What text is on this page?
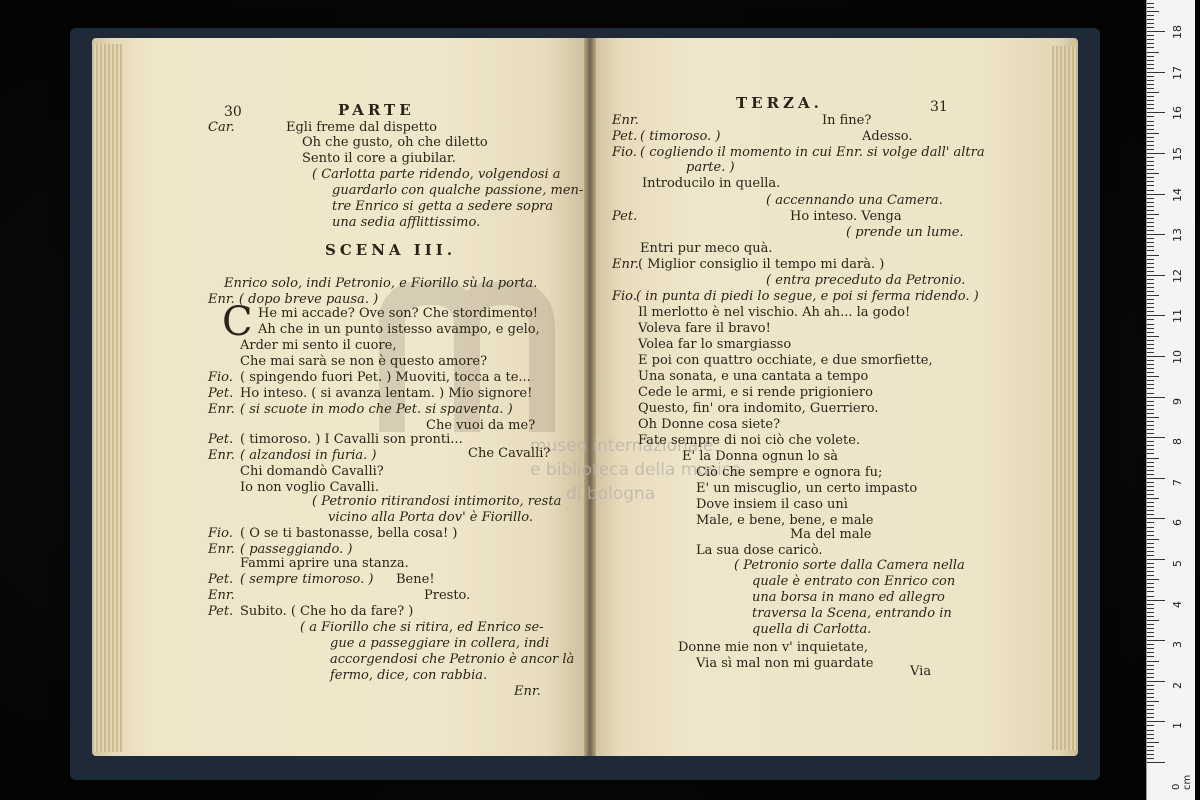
museo internazionale
e biblioteca della musica
di bologna
30	PARTE
Car.	Egli freme dal dispetto
Oh che gusto, oh che diletto
Sento il core a giubilar.
( Carlotta parte ridendo, volgendosi a
guardarlo con qualche passione, men-
tre Enrico si getta a sedere sopra
una sedia afflittissimo.
SCENA III.
Enrico solo, indi Petronio, e Fiorillo sù la porta.
Enr. ( dopo breve pausa. )
He mi accade? Ove son? Che stordimento!
Ah che in un punto istesso avampo, e gelo,
Arder mi sento il cuore,
Che mai sarà se non è questo amore?
Fio. ( spingendo fuori Pet. ) Muoviti, tocca a te...
Pet. Ho inteso. ( si avanza lentam. ) Mio signore!
Enr. ( si scuote in modo che Pet. si spaventa. )
Che vuoi da me?
Pet. ( timoroso. ) I Cavalli son pronti...
Enr. ( alzandosi in furia. )	Che Cavalli?
Chi domandò Cavalli?
Io non voglio Cavalli.
( Petronio ritirandosi intimorito, resta
vicino alla Porta dov' è Fiorillo.
Fio. ( O se ti bastonasse, bella cosa! )
Enr. ( passeggiando. )
Fammi aprire una stanza.
Pet. ( sempre timoroso. ) Bene!
Enr.	Presto.
Pet. Subito. ( Che ho da fare? )
( a Fiorillo che si ritira, ed Enrico se-
gue a passeggiare in collera, indi
accorgendosi che Petronio è ancor là
fermo, dice, con rabbia.
Enr.
C
TERZA.	31
Enr.	In fine?
Pet. ( timoroso. )	Adesso.
Fio. ( cogliendo il momento in cui Enr. si volge dall' altra
parte. )
Introducilo in quella.
( accennando una Camera.
Pet.	Ho inteso. Venga
( prende un lume.
Entri pur meco quà.
Enr. ( Miglior consiglio il tempo mi darà. )
( entra preceduto da Petronio.
Fio. ( in punta di piedi lo segue, e poi si ferma ridendo. )
Il merlotto è nel vischio. Ah ah... la godo!
Voleva fare il bravo!
Volea far lo smargiasso
E poi con quattro occhiate, e due smorfiette,
Una sonata, e una cantata a tempo
Cede le armi, e si rende prigioniero
Questo, fin' ora indomito, Guerriero.
Oh Donne cosa siete?
Fate sempre di noi ciò che volete.
E' la Donna ognun lo sà
Ciò che sempre e ognora fu;
E' un miscuglio, un certo impasto
Dove insiem il caso unì
Male, e bene, bene, e male
Ma del male
La sua dose caricò.
( Petronio sorte dalla Camera nella
quale è entrato con Enrico con
una borsa in mano ed allegro
traversa la Scena, entrando in
quella di Carlotta.
Donne mie non v' inquietate,
Via sì mal non mi guardate
Via
1
2
3
4
5
6
7
8
9
10
11
12
13
14
15
16
17
18
0 cm
